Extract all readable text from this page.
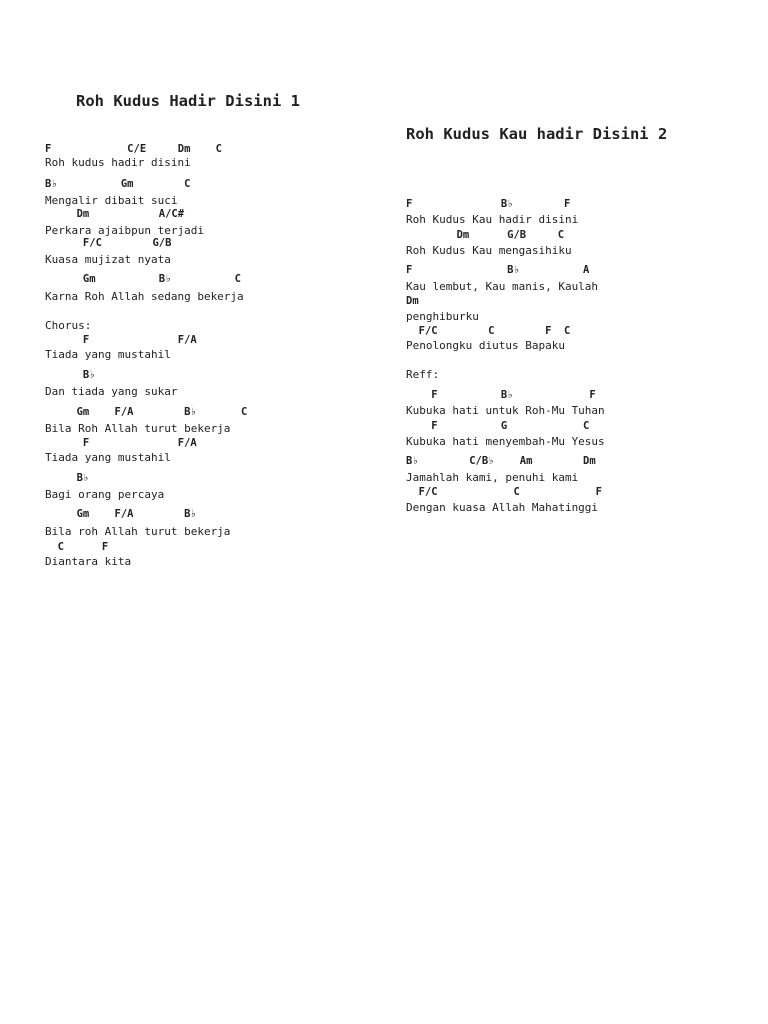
Roh Kudus Hadir Disini 1
F            C/E     Dm    C
Roh kudus hadir disini
B♭          Gm        C
Mengalir dibait suci
Dm           A/C#
Perkara ajaibpun terjadi
F/C        G/B
Kuasa mujizat nyata
Gm          B♭          C
Karna Roh Allah sedang bekerja
Chorus:
F              F/A
Tiada yang mustahil
B♭
Dan tiada yang sukar
Gm    F/A        B♭       C
Bila Roh Allah turut bekerja
F              F/A
Tiada yang mustahil
B♭
Bagi orang percaya
Gm    F/A        B♭
Bila roh Allah turut bekerja
C      F
Diantara kita
Roh Kudus Kau hadir Disini 2
F              B♭        F
Roh Kudus Kau hadir disini
Dm      G/B     C
Roh Kudus Kau mengasihiku
F               B♭          A
Kau lembut, Kau manis, Kaulah
Dm
penghiburku
F/C        C        F  C
Penolongku diutus Bapaku
Reff:
F          B♭            F
Kubuka hati untuk Roh-Mu Tuhan
F          G            C
Kubuka hati menyembah-Mu Yesus
B♭        C/B♭    Am        Dm
Jamahlah kami, penuhi kami
F/C            C            F
Dengan kuasa Allah Mahatinggi
